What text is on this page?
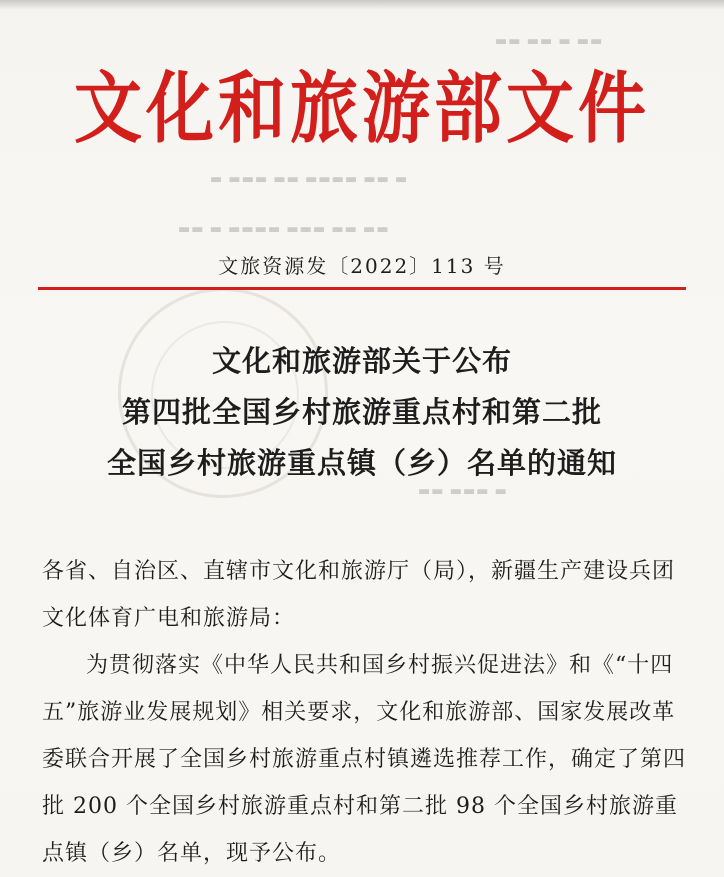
▬▬ ▬▬ ▬ ▬▬
▬ ▬▬▬ ▬▬ ▬▬▬▬ ▬▬ ▬
▬▬ ▬ ▬▬▬▬ ▬▬▬ ▬▬ ▬▬
▬▬ ▬▬▬ ▬
文化和旅游部文件
文旅资源发〔2022〕113 号
文化和旅游部关于公布
第四批全国乡村旅游重点村和第二批
全国乡村旅游重点镇（乡）名单的通知

各省、自治区、直辖市文化和旅游厅（局），新疆生产建设兵团文化体育广电和旅游局：

为贯彻落实《中华人民共和国乡村振兴促进法》和《“十四五”旅游业发展规划》相关要求，文化和旅游部、国家发展改革委联合开展了全国乡村旅游重点村镇遴选推荐工作，确定了第四批 200 个全国乡村旅游重点村和第二批 98 个全国乡村旅游重点镇（乡）名单，现予公布。
